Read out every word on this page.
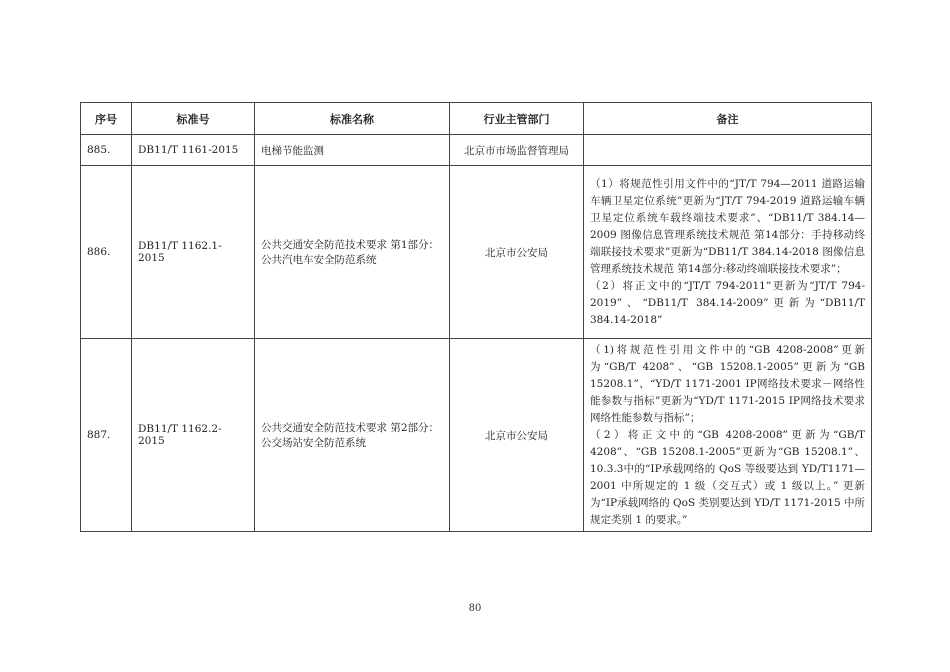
序号	标准号	标准名称	行业主管部门	备注
885.	DB11/T 1161-2015	电梯节能监测	北京市市场监督管理局	
886.	DB11/T 1162.1-2015	公共交通安全防范技术要求 第1部分：公共汽电车安全防范系统	北京市公安局	（1）将规范性引用文件中的“JT/T 794—2011 道路运输车辆卫星定位系统”更新为“JT/T 794-2019 道路运输车辆卫星定位系统车载终端技术要求”、“DB11/T 384.14—2009 图像信息管理系统技术规范 第14部分：手持移动终端联接技术要求”更新为“DB11/T 384.14-2018 图像信息管理系统技术规范 第14部分:移动终端联接技术要求”；

（2）将正文中的“JT/T 794-2011”更新为“JT/T 794-2019”、“DB11/T 384.14-2009”更新为“DB11/T 384.14-2018”

887.	DB11/T 1162.2-2015	公共交通安全防范技术要求 第2部分：公交场站安全防范系统	北京市公安局	（1)将规范性引用文件中的“GB 4208-2008”更新为“GB/T 4208”、“GB 15208.1-2005”更新为“GB 15208.1”、“YD/T 1171-2001 IP网络技术要求－网络性能参数与指标”更新为“YD/T 1171-2015 IP网络技术要求 网络性能参数与指标”；

（2）将正文中的“GB 4208-2008”更新为“GB/T 4208”、“GB 15208.1-2005”更新为“GB 15208.1”、10.3.3中的“IP承载网络的 QoS 等级要达到 YD/T1171—2001 中所规定的 1 级（交互式）或 1 级以上。” 更新为“IP承载网络的 QoS 类别要达到 YD/T 1171-2015 中所规定类别 1 的要求。”

80
